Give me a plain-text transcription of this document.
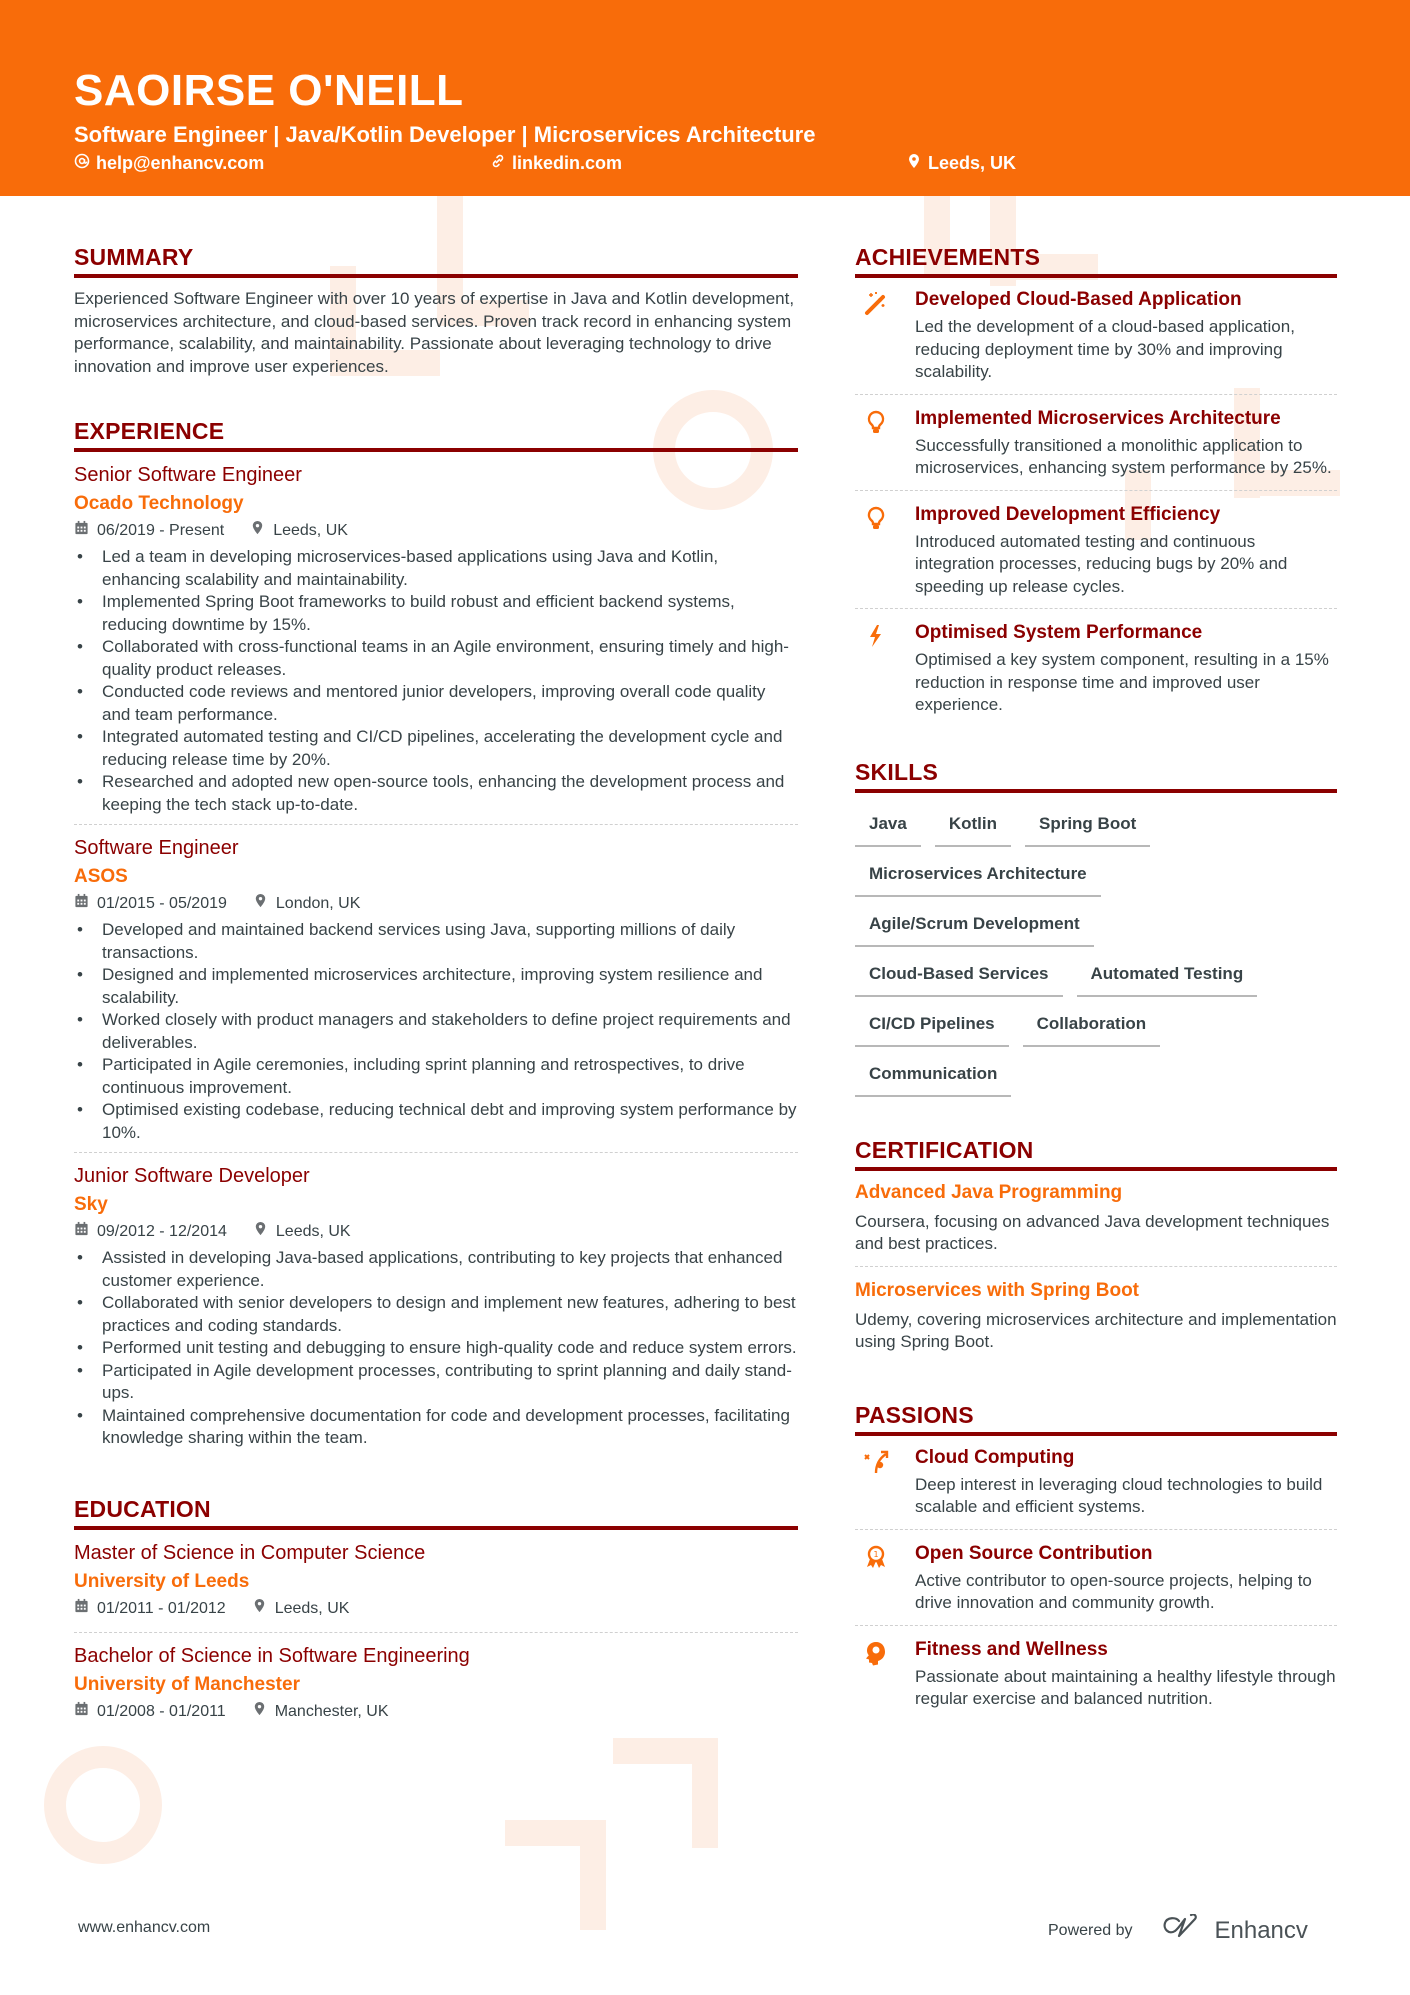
SAOIRSE O'NEILL
Software Engineer | Java/Kotlin Developer | Microservices Architecture
help@enhancv.com	linkedin.com	Leeds, UK
SUMMARY
Experienced Software Engineer with over 10 years of expertise in Java and Kotlin development, microservices architecture, and cloud-based services. Proven track record in enhancing system performance, scalability, and maintainability. Passionate about leveraging technology to drive innovation and improve user experiences.
EXPERIENCE
Senior Software Engineer
Ocado Technology
06/2019 - Present	Leeds, UK
• Led a team in developing microservices-based applications using Java and Kotlin, enhancing scalability and maintainability.
• Implemented Spring Boot frameworks to build robust and efficient backend systems, reducing downtime by 15%.
• Collaborated with cross-functional teams in an Agile environment, ensuring timely and high-quality product releases.
• Conducted code reviews and mentored junior developers, improving overall code quality and team performance.
• Integrated automated testing and CI/CD pipelines, accelerating the development cycle and reducing release time by 20%.
• Researched and adopted new open-source tools, enhancing the development process and keeping the tech stack up-to-date.
Software Engineer
ASOS
01/2015 - 05/2019	London, UK
• Developed and maintained backend services using Java, supporting millions of daily transactions.
• Designed and implemented microservices architecture, improving system resilience and scalability.
• Worked closely with product managers and stakeholders to define project requirements and deliverables.
• Participated in Agile ceremonies, including sprint planning and retrospectives, to drive continuous improvement.
• Optimised existing codebase, reducing technical debt and improving system performance by 10%.
Junior Software Developer
Sky
09/2012 - 12/2014	Leeds, UK
• Assisted in developing Java-based applications, contributing to key projects that enhanced customer experience.
• Collaborated with senior developers to design and implement new features, adhering to best practices and coding standards.
• Performed unit testing and debugging to ensure high-quality code and reduce system errors.
• Participated in Agile development processes, contributing to sprint planning and daily stand-ups.
• Maintained comprehensive documentation for code and development processes, facilitating knowledge sharing within the team.
EDUCATION
Master of Science in Computer Science
University of Leeds
01/2011 - 01/2012	Leeds, UK
Bachelor of Science in Software Engineering
University of Manchester
01/2008 - 01/2011	Manchester, UK
ACHIEVEMENTS
Developed Cloud-Based Application
Led the development of a cloud-based application, reducing deployment time by 30% and improving scalability.
Implemented Microservices Architecture
Successfully transitioned a monolithic application to microservices, enhancing system performance by 25%.
Improved Development Efficiency
Introduced automated testing and continuous integration processes, reducing bugs by 20% and speeding up release cycles.
Optimised System Performance
Optimised a key system component, resulting in a 15% reduction in response time and improved user experience.
SKILLS
Java	Kotlin	Spring Boot
Microservices Architecture
Agile/Scrum Development
Cloud-Based Services	Automated Testing
CI/CD Pipelines	Collaboration
Communication
CERTIFICATION
Advanced Java Programming
Coursera, focusing on advanced Java development techniques and best practices.
Microservices with Spring Boot
Udemy, covering microservices architecture and implementation using Spring Boot.
PASSIONS
Cloud Computing
Deep interest in leveraging cloud technologies to build scalable and efficient systems.
1 Open Source Contribution
Active contributor to open-source projects, helping to drive innovation and community growth.
Fitness and Wellness
Passionate about maintaining a healthy lifestyle through regular exercise and balanced nutrition.
www.enhancv.com	Powered by	Enhancv
